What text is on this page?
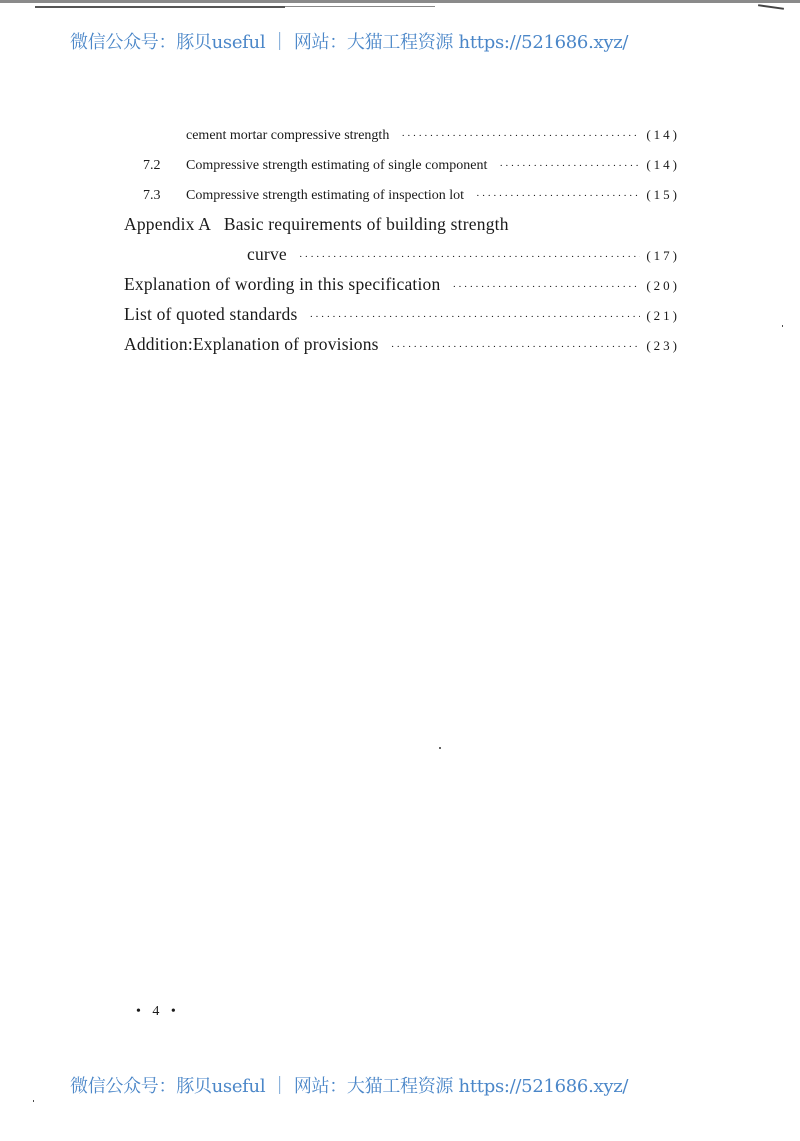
微信公众号：豚贝useful ｜ 网站：大猫工程资源 https://521686.xyz/
cement mortar compressive strength ·····	(14)
7.2	Compressive strength estimating of single component ·····	(14)
7.3	Compressive strength estimating of inspection lot ·····	(15)
Appendix A   Basic requirements of building strength
curve ·····	(17)
Explanation of wording in this specification ·····	(20)
List of quoted standards ·····	(21)
Addition:Explanation of provisions ·····	(23)
• 4 •
微信公众号：豚贝useful ｜ 网站：大猫工程资源 https://521686.xyz/
